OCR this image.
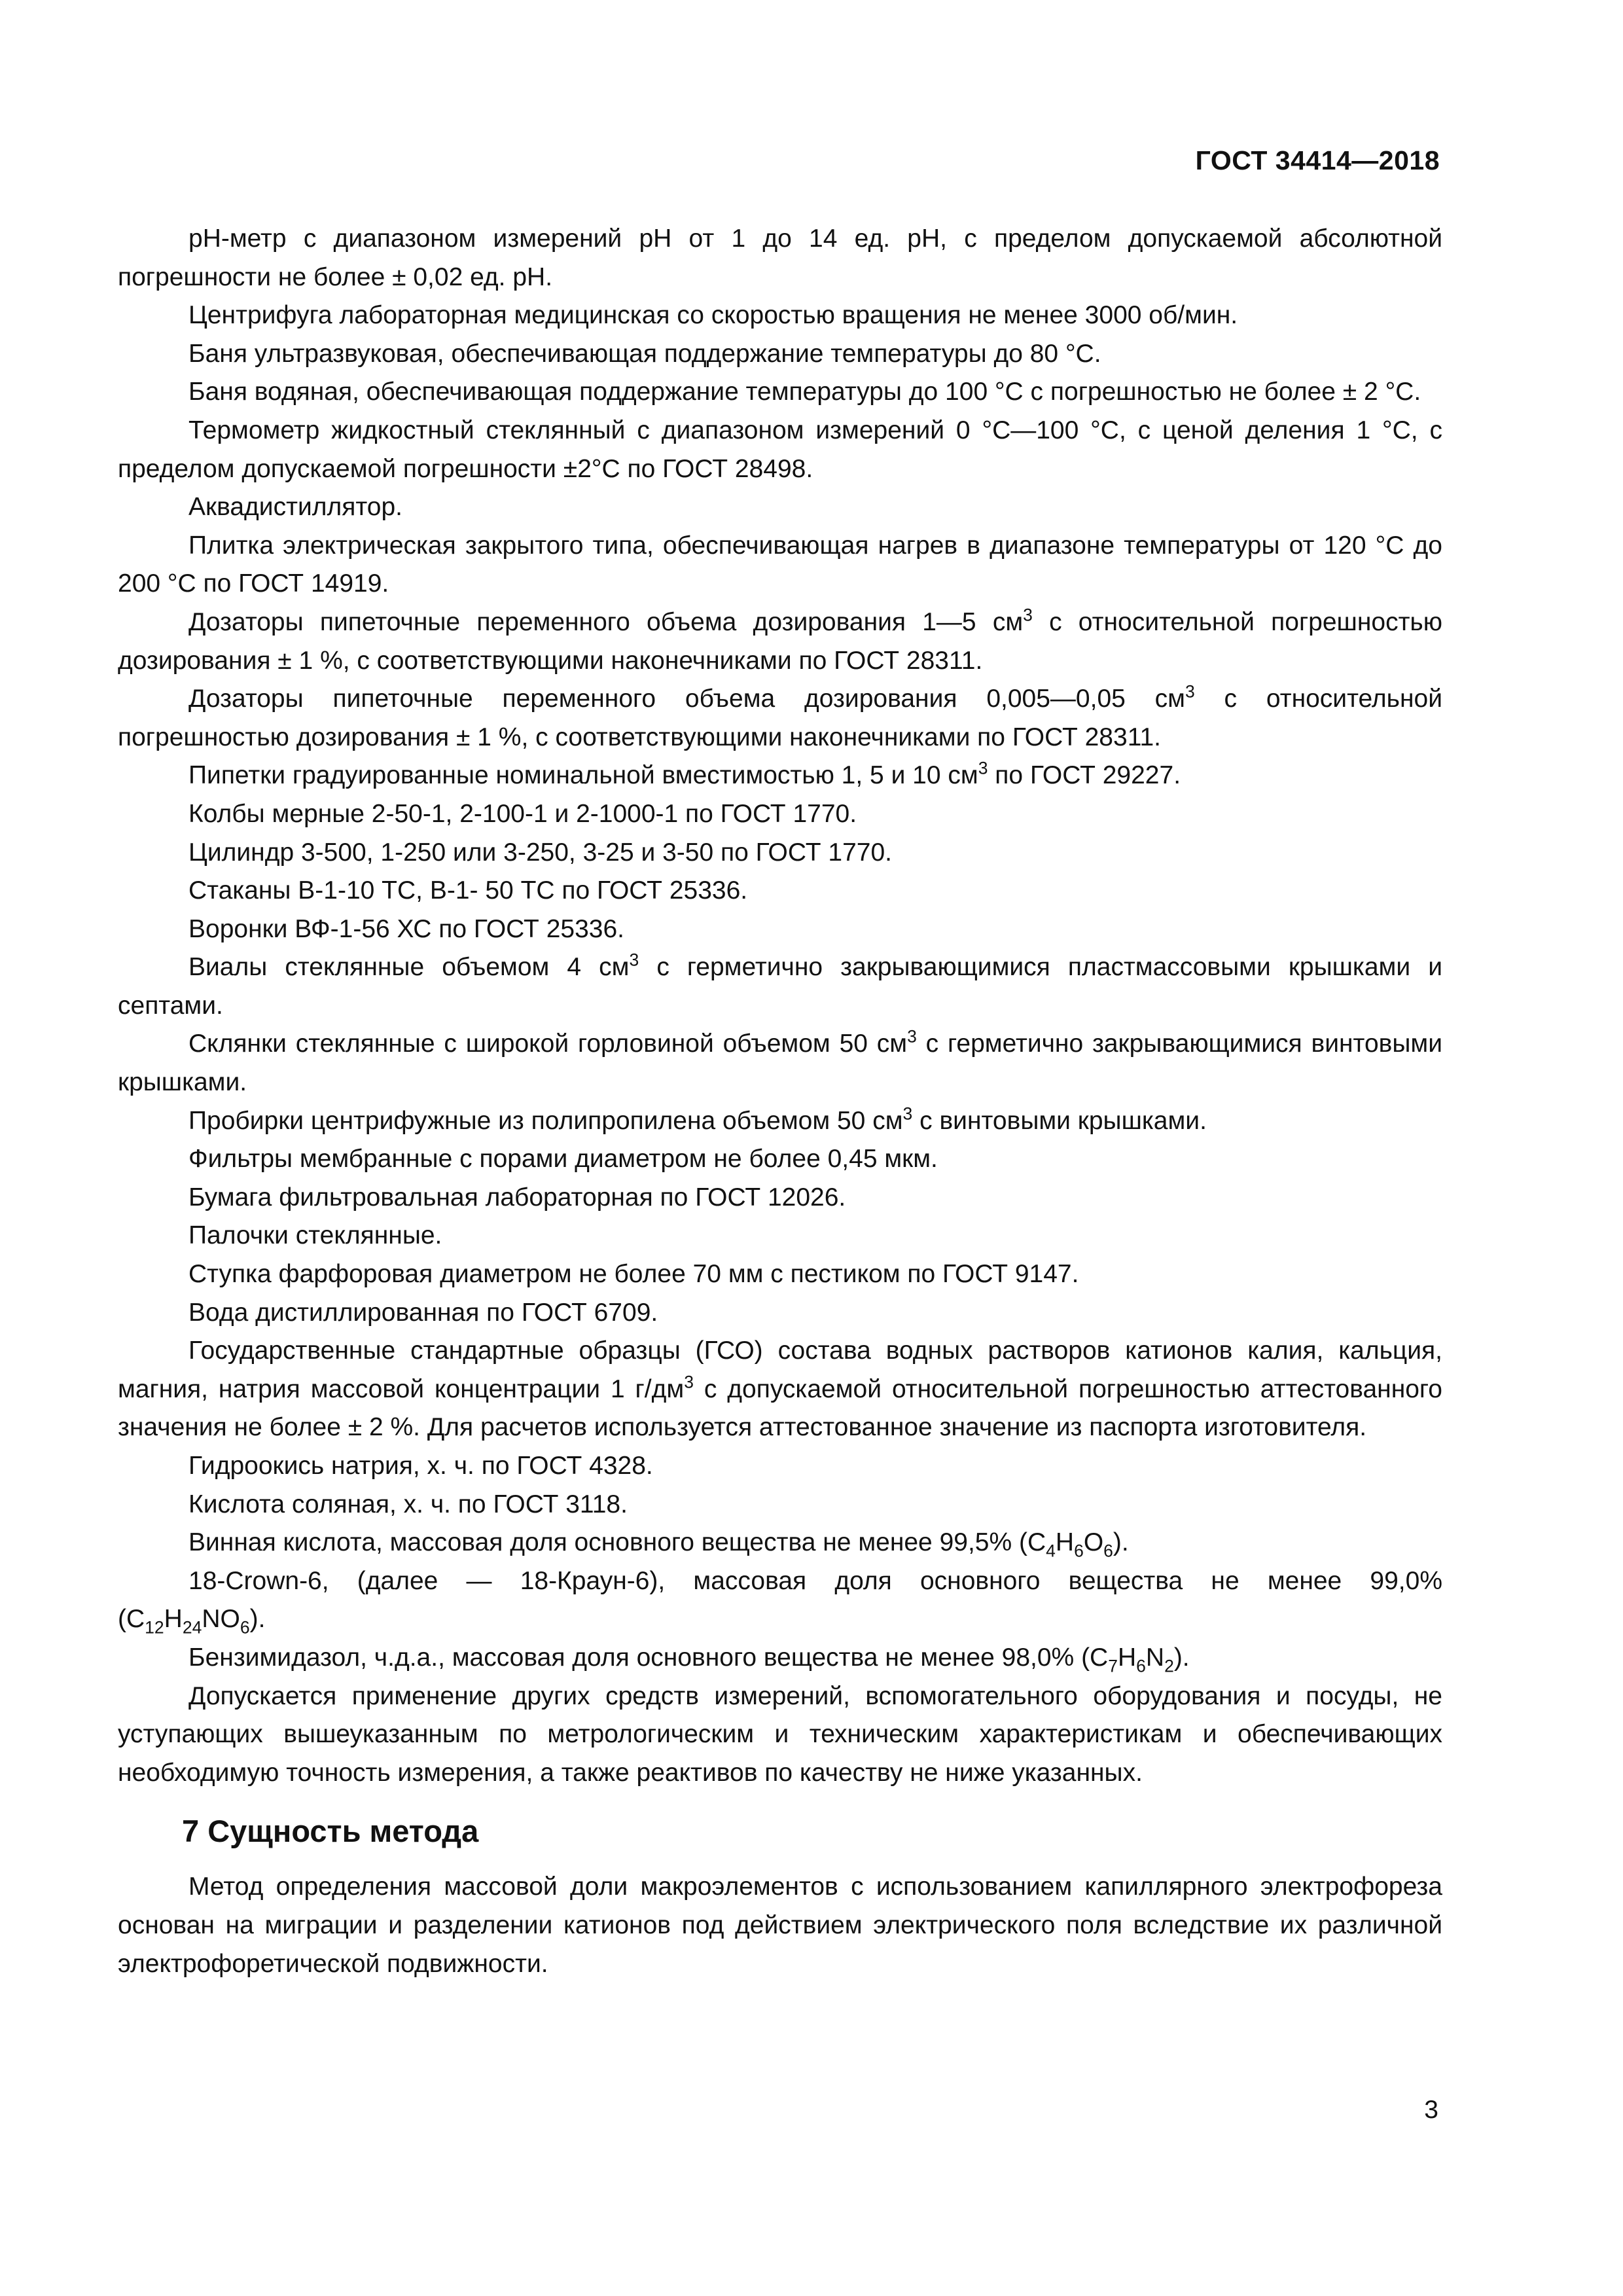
ГОСТ 34414—2018

pH-метр с диапазоном измерений pH от 1 до 14 ед. pH, с пределом допускаемой абсолютной погрешности не более ± 0,02 ед. pH.

Центрифуга лабораторная медицинская со скоростью вращения не менее 3000 об/мин.

Баня ультразвуковая, обеспечивающая поддержание температуры до 80 °С.

Баня водяная, обеспечивающая поддержание температуры до 100 °С с погрешностью не более ± 2 °С.

Термометр жидкостный стеклянный с диапазоном измерений 0 °С—100 °С, с ценой деления 1 °С, с пределом допускаемой погрешности ±2°С по ГОСТ 28498.

Аквадистиллятор.

Плитка электрическая закрытого типа, обеспечивающая нагрев в диапазоне температуры от 120 °С до 200 °С по ГОСТ 14919.

Дозаторы пипеточные переменного объема дозирования 1—5 $см^3$ с относительной погрешностью дозирования ± 1 %, с соответствующими наконечниками по ГОСТ 28311.

Дозаторы пипеточные переменного объема дозирования 0,005—0,05 $см^3$ с относительной погрешностью дозирования ± 1 %, с соответствующими наконечниками по ГОСТ 28311.

Пипетки градуированные номинальной вместимостью 1, 5 и 10 $см^3$ по ГОСТ 29227.

Колбы мерные 2-50-1, 2-100-1 и 2-1000-1 по ГОСТ 1770.

Цилиндр 3-500, 1-250 или 3-250, 3-25 и 3-50 по ГОСТ 1770.

Стаканы В-1-10 ТС, В-1- 50 ТС по ГОСТ 25336.

Воронки ВФ-1-56 ХС по ГОСТ 25336.

Виалы стеклянные объемом 4 $см^3$ с герметично закрывающимися пластмассовыми крышками и септами.

Склянки стеклянные с широкой горловиной объемом 50 $см^3$ с герметично закрывающимися винтовыми крышками.

Пробирки центрифужные из полипропилена объемом 50 $см^3$ с винтовыми крышками.

Фильтры мембранные с порами диаметром не более 0,45 мкм.

Бумага фильтровальная лабораторная по ГОСТ 12026.

Палочки стеклянные.

Ступка фарфоровая диаметром не более 70 мм с пестиком по ГОСТ 9147.

Вода дистиллированная по ГОСТ 6709.

Государственные стандартные образцы (ГСО) состава водных растворов катионов калия, кальция, магния, натрия массовой концентрации 1 $г/дм^3$ с допускаемой относительной погрешностью аттестованного значения не более ± 2 %. Для расчетов используется аттестованное значение из паспорта изготовителя.

Гидроокись натрия, х. ч. по ГОСТ 4328.

Кислота соляная, х. ч. по ГОСТ 3118.

Винная кислота, массовая доля основного вещества не менее 99,5% $(С_4Н_6О_6)$.

18-Crown-6, (далее — 18-Краун-6), массовая доля основного вещества не менее 99,0%

$(С_{12}Н_{24}NO_6)$.

Бензимидазол, ч.д.а., массовая доля основного вещества не менее 98,0% $(С_7Н_6N_2)$.

Допускается применение других средств измерений, вспомогательного оборудования и посуды, не уступающих вышеуказанным по метрологическим и техническим характеристикам и обеспечивающих необходимую точность измерения, а также реактивов по качеству не ниже указанных.

7 Сущность метода

Метод определения массовой доли макроэлементов с использованием капиллярного электрофореза основан на миграции и разделении катионов под действием электрического поля вследствие их различной электрофоретической подвижности.

3
